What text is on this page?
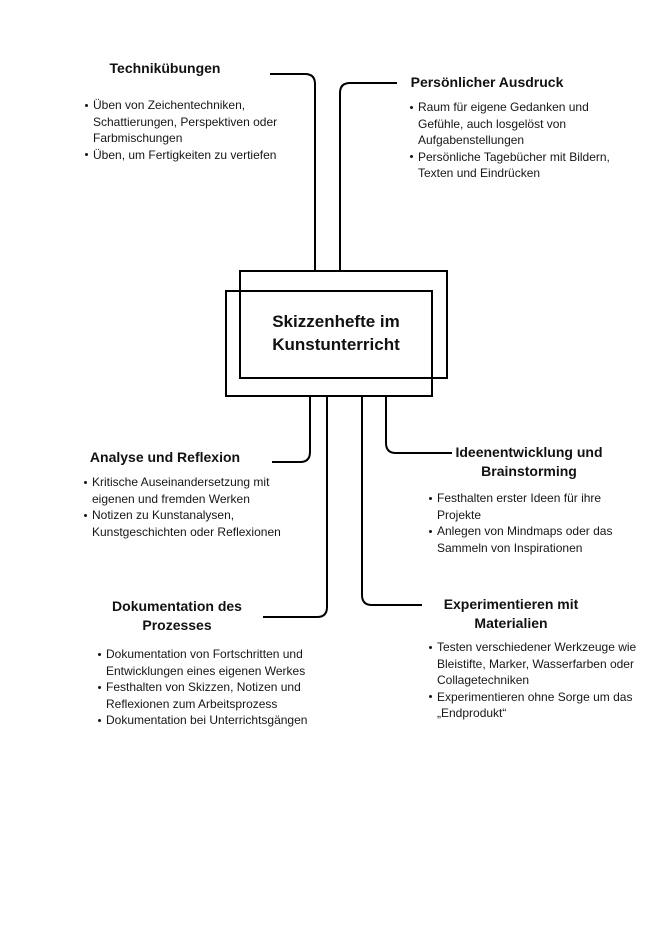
Skizzenhefte im Kunstunterricht
Technikübungen
Üben von Zeichentechniken, Schattierungen, Perspektiven oder Farbmischungen
Üben, um Fertigkeiten zu vertiefen
Persönlicher Ausdruck
Raum für eigene Gedanken und Gefühle, auch losgelöst von Aufgabenstellungen
Persönliche Tagebücher mit Bildern, Texten und Eindrücken
Analyse und Reflexion
Kritische Auseinandersetzung mit eigenen und fremden Werken
Notizen zu Kunstanalysen, Kunstgeschichten oder Reflexionen
Ideenentwicklung und Brainstorming
Festhalten erster Ideen für ihre Projekte
Anlegen von Mindmaps oder das Sammeln von Inspirationen
Dokumentation des Prozesses
Dokumentation von Fortschritten und Entwicklungen eines eigenen Werkes
Festhalten von Skizzen, Notizen und Reflexionen zum Arbeitsprozess
Dokumentation bei Unterrichtsgängen
Experimentieren mit Materialien
Testen verschiedener Werkzeuge wie Bleistifte, Marker, Wasserfarben oder Collagetechniken
Experimentieren ohne Sorge um das „Endprodukt“
